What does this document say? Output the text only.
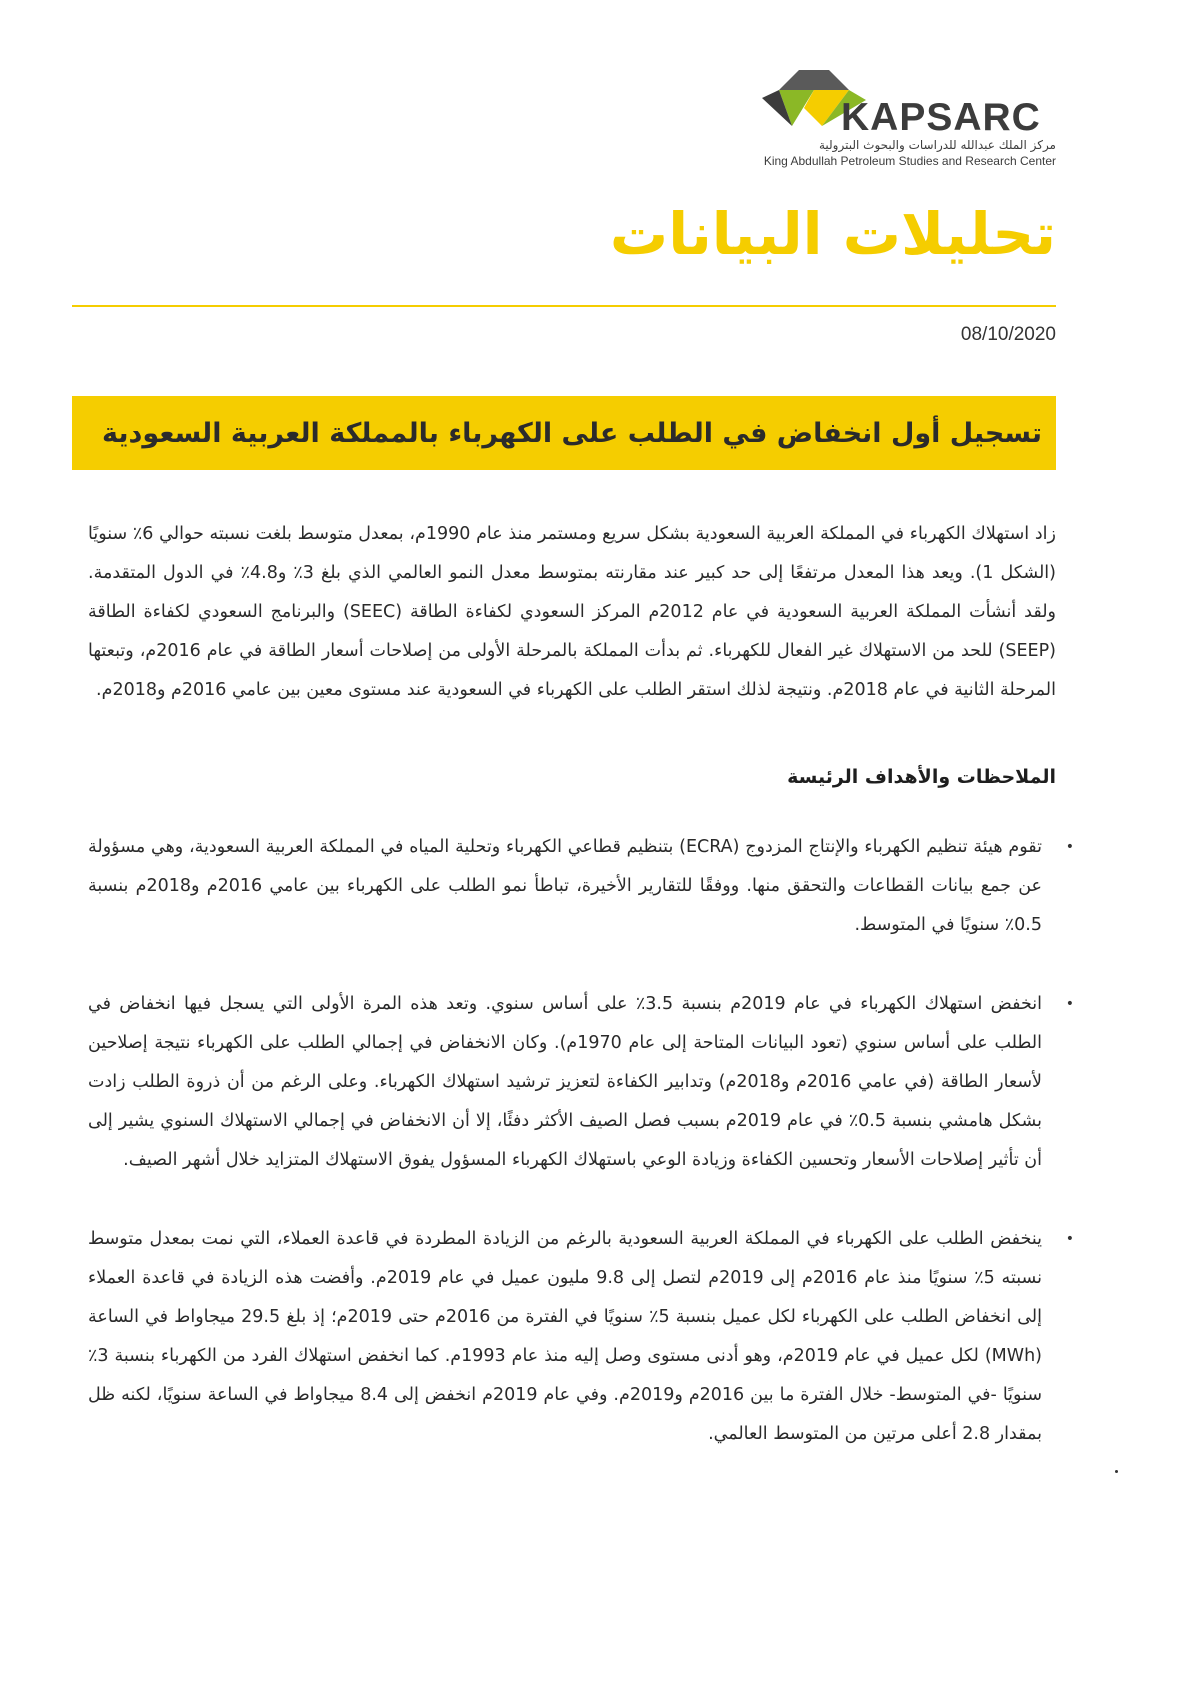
KAPSARC
مركز الملك عبدالله للدراسات والبحوث البترولية
King Abdullah Petroleum Studies and Research Center
تحليلات البيانات
08/10/2020
تسجيل أول انخفاض في الطلب على الكهرباء بالمملكة العربية السعودية

زاد استهلاك الكهرباء في المملكة العربية السعودية بشكل سريع ومستمر منذ عام 1990م، بمعدل متوسط بلغت نسبته حوالي 6٪ سنويًا (الشكل 1). ويعد هذا المعدل مرتفعًا إلى حد كبير عند مقارنته بمتوسط معدل النمو العالمي الذي بلغ 3٪ و4.8٪ في الدول المتقدمة. ولقد أنشأت المملكة العربية السعودية في عام 2012م المركز السعودي لكفاءة الطاقة (SEEC) والبرنامج السعودي لكفاءة الطاقة (SEEP) للحد من الاستهلاك غير الفعال للكهرباء. ثم بدأت المملكة بالمرحلة الأولى من إصلاحات أسعار الطاقة في عام 2016م، وتبعتها المرحلة الثانية في عام 2018م. ونتيجة لذلك استقر الطلب على الكهرباء في السعودية عند مستوى معين بين عامي 2016م و2018م.

الملاحظات والأهداف الرئيسة
•
تقوم هيئة تنظيم الكهرباء والإنتاج المزدوج (ECRA) بتنظيم قطاعي الكهرباء وتحلية المياه في المملكة العربية السعودية، وهي مسؤولة عن جمع بيانات القطاعات والتحقق منها. ووفقًا للتقارير الأخيرة، تباطأ نمو الطلب على الكهرباء بين عامي 2016م و2018م بنسبة 0.5٪ سنويًا في المتوسط.
•
انخفض استهلاك الكهرباء في عام 2019م بنسبة 3.5٪ على أساس سنوي. وتعد هذه المرة الأولى التي يسجل فيها انخفاض في الطلب على أساس سنوي (تعود البيانات المتاحة إلى عام 1970م). وكان الانخفاض في إجمالي الطلب على الكهرباء نتيجة إصلاحين لأسعار الطاقة (في عامي 2016م و2018م) وتدابير الكفاءة لتعزيز ترشيد استهلاك الكهرباء. وعلى الرغم من أن ذروة الطلب زادت بشكل هامشي بنسبة 0.5٪ في عام 2019م بسبب فصل الصيف الأكثر دفئًا، إلا أن الانخفاض في إجمالي الاستهلاك السنوي يشير إلى أن تأثير إصلاحات الأسعار وتحسين الكفاءة وزيادة الوعي باستهلاك الكهرباء المسؤول يفوق الاستهلاك المتزايد خلال أشهر الصيف.
•
ينخفض الطلب على الكهرباء في المملكة العربية السعودية بالرغم من الزيادة المطردة في قاعدة العملاء، التي نمت بمعدل متوسط نسبته 5٪ سنويًا منذ عام 2016م إلى 2019م لتصل إلى 9.8 مليون عميل في عام 2019م. وأفضت هذه الزيادة في قاعدة العملاء إلى انخفاض الطلب على الكهرباء لكل عميل بنسبة 5٪ سنويًا في الفترة من 2016م حتى 2019م؛ إذ بلغ 29.5 ميجاواط في الساعة (MWh) لكل عميل في عام 2019م، وهو أدنى مستوى وصل إليه منذ عام 1993م. كما انخفض استهلاك الفرد من الكهرباء بنسبة 3٪ سنويًا -في المتوسط- خلال الفترة ما بين 2016م و2019م. وفي عام 2019م انخفض إلى 8.4 ميجاواط في الساعة سنويًا، لكنه ظل بمقدار 2.8 أعلى مرتين من المتوسط العالمي.
